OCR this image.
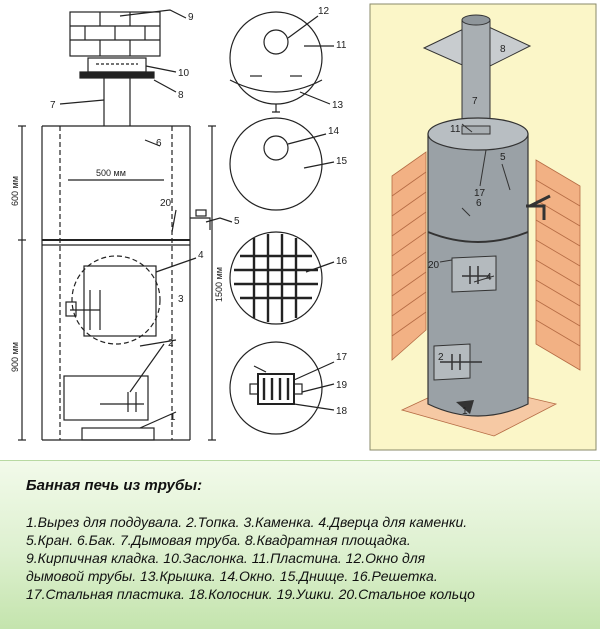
500 мм
600 мм
900 мм
1500 мм
9
10
8
7
6
20
5
4
3
2
1
12
11
13
14
15
16
17
19
18
8
7
11
17
5
6
20
4
2
1
Банная печь из трубы:
1.Вырез для поддувала. 2.Топка. 3.Каменка. 4.Дверца для каменки.
5.Кран. 6.Бак. 7.Дымовая труба. 8.Квадратная площадка.
9.Кирпичная кладка. 10.Заслонка. 11.Пластина. 12.Окно для
дымовой трубы. 13.Крышка. 14.Окно. 15.Днище. 16.Решетка.
17.Стальная пластика. 18.Колосник. 19.Ушки. 20.Стальное кольцо
